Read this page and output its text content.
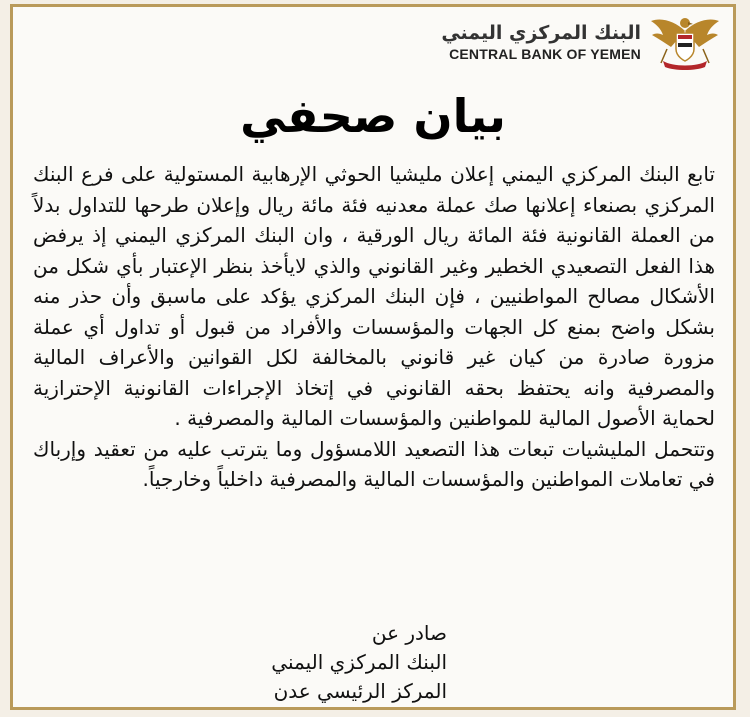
البنك المركزي اليمني
CENTRAL BANK OF YEMEN
بيان صحفي

تابع البنك المركزي اليمني إعلان مليشيا الحوثي الإرهابية المستولية على فرع البنك المركزي بصنعاء إعلانها صك عملة معدنيه فئة مائة ريال وإعلان طرحها للتداول بدلاً من العملة القانونية فئة المائة ريال الورقية ، وان البنك المركزي اليمني إذ يرفض هذا الفعل التصعيدي الخطير وغير القانوني والذي لايأخذ بنظر الإعتبار بأي شكل من الأشكال مصالح المواطنيين ، فإن البنك المركزي يؤكد على ماسبق وأن حذر منه بشكل واضح بمنع كل الجهات والمؤسسات والأفراد من قبول أو تداول أي عملة مزورة صادرة من كيان غير قانوني بالمخالفة لكل القوانين والأعراف المالية والمصرفية وانه يحتفظ بحقه القانوني في إتخاذ الإجراءات القانونية الإحترازية لحماية الأصول المالية للمواطنين والمؤسسات المالية والمصرفية .

وتتحمل المليشيات تبعات هذا التصعيد اللامسؤول وما يترتب عليه من تعقيد وإرباك في تعاملات المواطنين والمؤسسات المالية والمصرفية داخلياً وخارجياً.

صادر عن
البنك المركزي اليمني
المركز الرئيسي عدن
